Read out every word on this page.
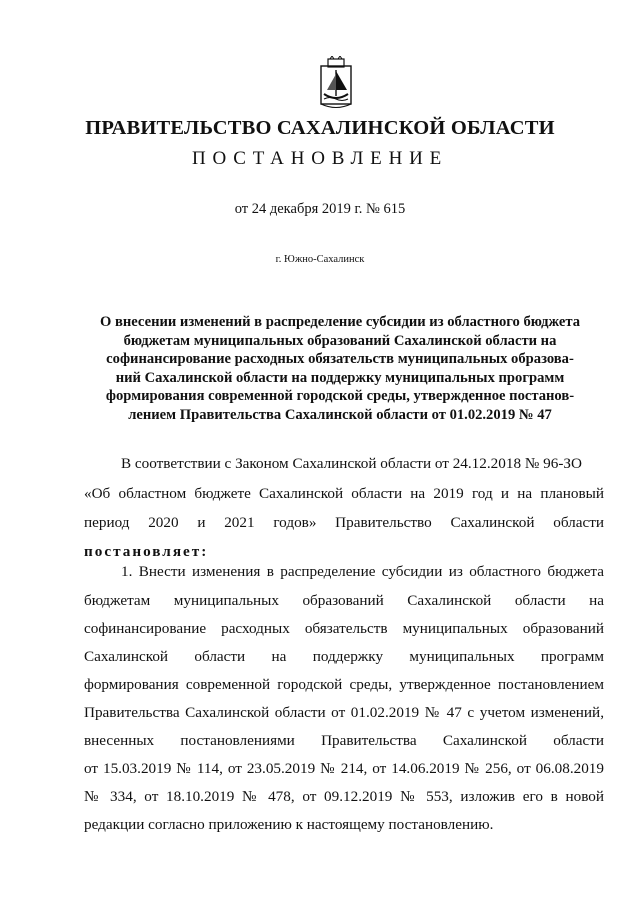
ПРАВИТЕЛЬСТВО САХАЛИНСКОЙ ОБЛАСТИ
ПОСТАНОВЛЕНИЕ
от 24 декабря 2019 г. № 615
г. Южно-Сахалинск
О внесении изменений в распределение субсидии из областного бюджета
бюджетам муниципальных образований Сахалинской области на
софинансирование расходных обязательств муниципальных образова-
ний Сахалинской области на поддержку муниципальных программ
формирования современной городской среды, утвержденное постанов-
лением Правительства Сахалинской области от 01.02.2019 № 47
В соответствии с Законом Сахалинской области от 24.12.2018 № 96-ЗО
«Об областном бюджете Сахалинской области на 2019 год и на плановый
период 2020 и 2021 годов» Правительство Сахалинской области
постановляет:
1. Внести изменения в распределение субсидии из областного бюджета
бюджетам муниципальных образований Сахалинской области на
софинансирование расходных обязательств муниципальных образований
Сахалинской области на поддержку муниципальных программ
формирования современной городской среды, утвержденное постановлением
Правительства Сахалинской области от 01.02.2019 № 47 с учетом изменений,
внесенных постановлениями Правительства Сахалинской области
от 15.03.2019 № 114, от 23.05.2019 № 214, от 14.06.2019 № 256, от 06.08.2019
№ 334, от 18.10.2019 № 478, от 09.12.2019 № 553, изложив его в новой
редакции согласно приложению к настоящему постановлению.
